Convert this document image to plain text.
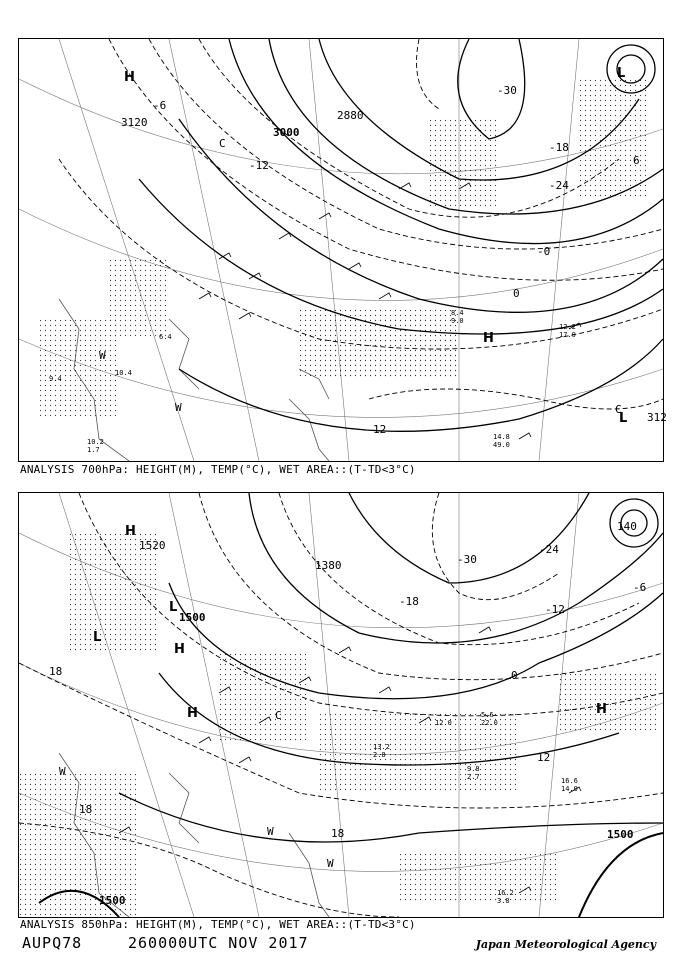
3120
3000
2880
312
-6
-12
-18
-24
-30
-0
0
12
6
H
H
L
L
C
C
W
W
12.2
17.0
14.8
49.0
10.2
1.7
10.4
8.4
9.0
6.4
9.4
ANALYSIS 700hPa: HEIGHT(M), TEMP(°C), WET AREA::(T-TD<3°C)
1520
1500
1380
1500
1500
140
-24
-30
-12
-6
0
12
18
18
18
-18
H
H
H	H
L
L
W
W
W
C
16.2
3.8
13.2
2.8
9.8
2.7	16.6
14.0
12.0
5.6
22.0
ANALYSIS 850hPa: HEIGHT(M), TEMP(°C), WET AREA::(T-TD<3°C)
AUPQ78	260000UTC NOV 2017	Japan Meteorological Agency
